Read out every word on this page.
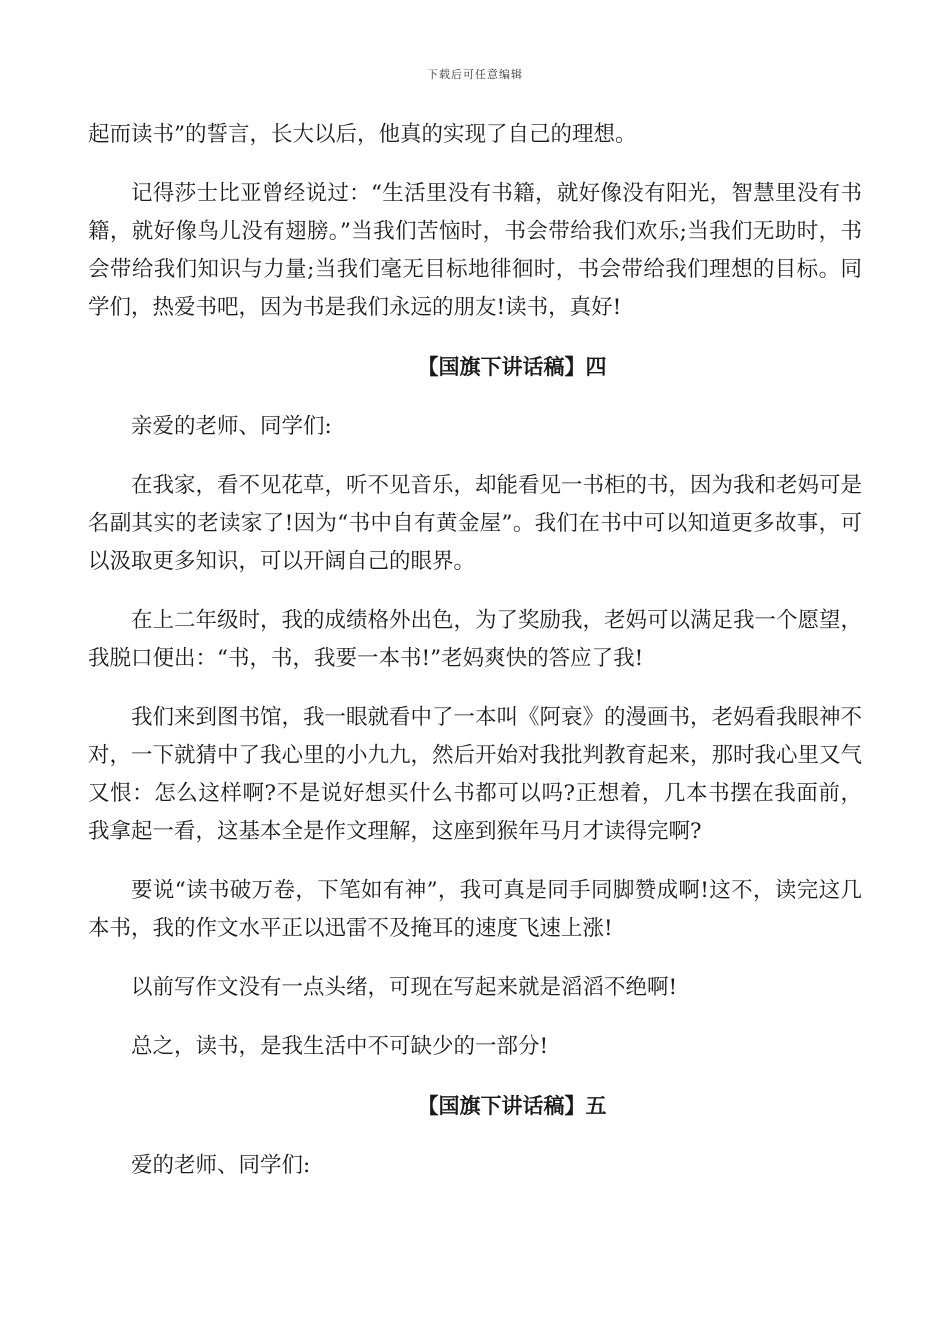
下载后可任意编辑

起而读书”的誓言，长大以后，他真的实现了自己的理想。

记得莎士比亚曾经说过：“生活里没有书籍，就好像没有阳光，智慧里没有书籍，就好像鸟儿没有翅膀。”当我们苦恼时，书会带给我们欢乐;当我们无助时，书会带给我们知识与力量;当我们毫无目标地徘徊时，书会带给我们理想的目标。同学们，热爱书吧，因为书是我们永远的朋友!读书，真好!

【国旗下讲话稿】四

亲爱的老师、同学们:

在我家，看不见花草，听不见音乐，却能看见一书柜的书，因为我和老妈可是名副其实的老读家了!因为“书中自有黄金屋”。我们在书中可以知道更多故事，可以汲取更多知识，可以开阔自己的眼界。

在上二年级时，我的成绩格外出色，为了奖励我，老妈可以满足我一个愿望，我脱口便出：“书，书，我要一本书!”老妈爽快的答应了我!

我们来到图书馆，我一眼就看中了一本叫《阿衰》的漫画书，老妈看我眼神不对，一下就猜中了我心里的小九九，然后开始对我批判教育起来，那时我心里又气又恨：怎么这样啊?不是说好想买什么书都可以吗?正想着，几本书摆在我面前，我拿起一看，这基本全是作文理解，这座到猴年马月才读得完啊?

要说“读书破万卷，下笔如有神”，我可真是同手同脚赞成啊!这不，读完这几本书，我的作文水平正以迅雷不及掩耳的速度飞速上涨!

以前写作文没有一点头绪，可现在写起来就是滔滔不绝啊!

总之，读书，是我生活中不可缺少的一部分!

【国旗下讲话稿】五

爱的老师、同学们:
